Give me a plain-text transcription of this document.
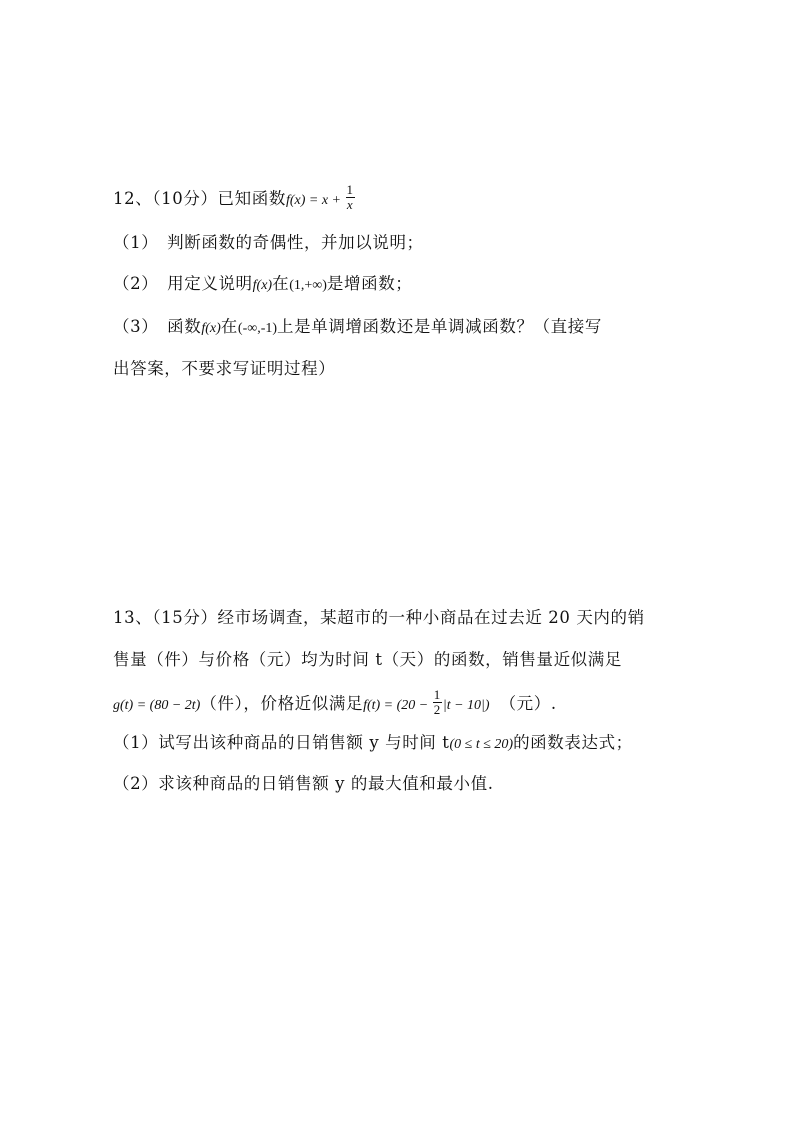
12、（10分）已知函数$f(x) = x + \frac{1}{x}$
（1）　判断函数的奇偶性，并加以说明；
（2）　用定义说明f(x)在(1,+∞)是增函数；
（3）　函数f(x)在(-∞,-1)上是单调增函数还是单调减函数？（直接写
出答案，不要求写证明过程）
13、（15分）经市场调查，某超市的一种小商品在过去近 20 天内的销
售量（件）与价格（元）均为时间 t（天）的函数，销售量近似满足
g(t) = (80 − 2t)（件），价格近似满足$f(t) = (20 - \frac{1}{2} |t - 10|)$ （元）.
（1）试写出该种商品的日销售额 y 与时间 t(0 ≤ t ≤ 20)的函数表达式；
（2）求该种商品的日销售额 y 的最大值和最小值.
